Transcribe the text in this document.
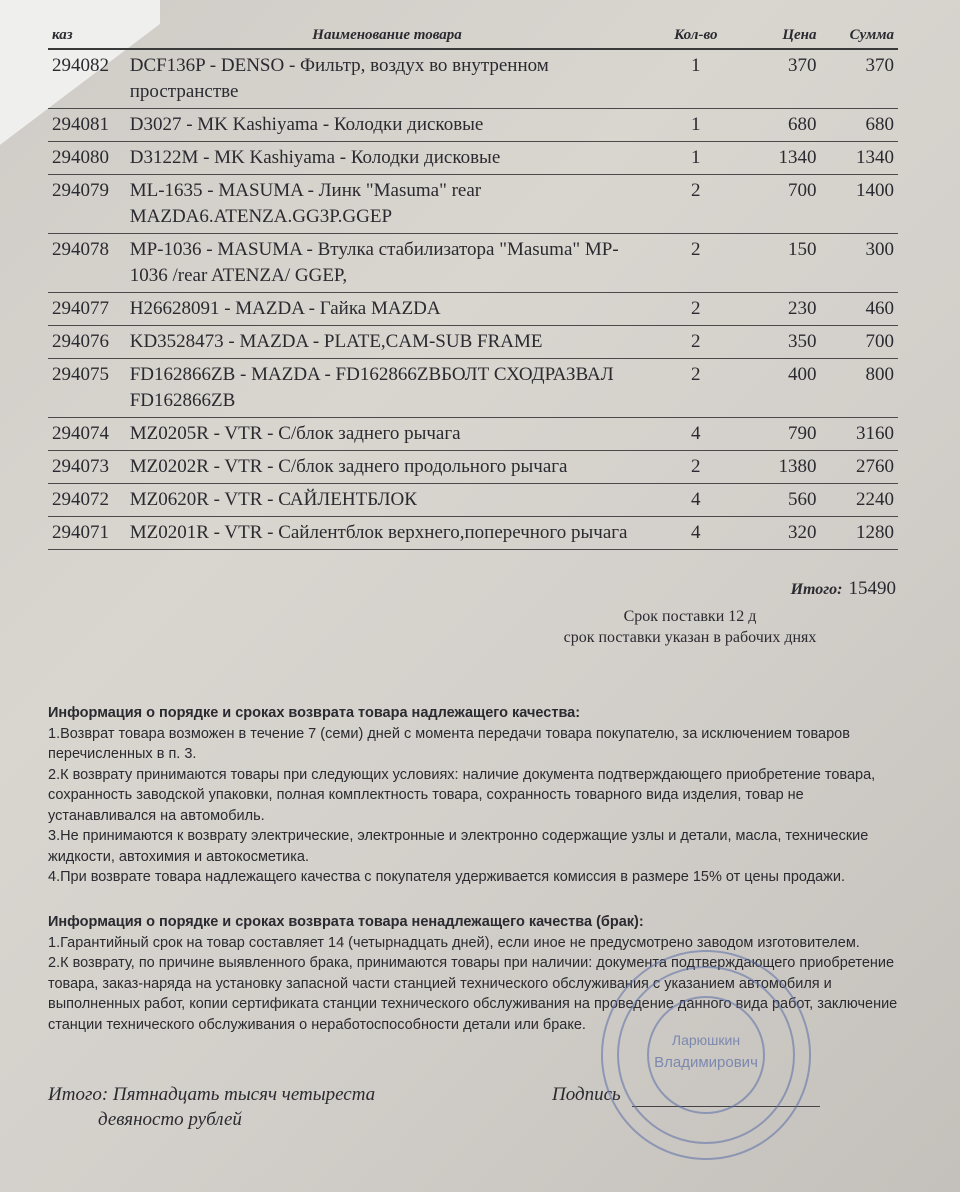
каз	Наименование товара	Кол-во	Цена	Сумма
294082	DCF136P - DENSO - Фильтр, воздух во внутренном пространстве	1	370	370
294081	D3027 - MK Kashiyama - Колодки дисковые	1	680	680
294080	D3122M - MK Kashiyama - Колодки дисковые	1	1340	1340
294079	ML-1635 - MASUMA - Линк "Masuma" rear MAZDA6.ATENZA.GG3P.GGEP	2	700	1400
294078	MP-1036 - MASUMA - Втулка стабилизатора "Masuma" MP-1036 /rear ATENZA/ GGEP,	2	150	300
294077	H26628091 - MAZDA - Гайка MAZDA	2	230	460
294076	KD3528473 - MAZDA - PLATE,CAM-SUB FRAME	2	350	700
294075	FD162866ZB - MAZDA - FD162866ZBБОЛТ СХОДРАЗВАЛ FD162866ZB	2	400	800
294074	MZ0205R - VTR - С/блок заднего рычага	4	790	3160
294073	MZ0202R - VTR - С/блок заднего продольного рычага	2	1380	2760
294072	MZ0620R - VTR - САЙЛЕНТБЛОК	4	560	2240
294071	MZ0201R - VTR - Сайлентблок верхнего,поперечного рычага	4	320	1280
Итого: 15490
Срок поставки 12 д
срок поставки указан в рабочих днях
Информация о порядке и сроках возврата товара надлежащего качества:
1.Возврат товара возможен в течение 7 (семи) дней с момента передачи товара покупателю, за исключением товаров перечисленных в п. 3.
2.К возврату принимаются товары при следующих условиях: наличие документа подтверждающего приобретение товара, сохранность заводской упаковки, полная комплектность товара, сохранность товарного вида изделия, товар не устанавливался на автомобиль.
3.Не принимаются к возврату электрические, электронные и электронно содержащие узлы и детали, масла, технические жидкости, автохимия и автокосметика.
4.При возврате товара надлежащего качества с покупателя удерживается комиссия в размере 15% от цены продажи.
Информация о порядке и сроках возврата товара ненадлежащего качества (брак):
1.Гарантийный срок на товар составляет 14 (четырнадцать дней), если иное не предусмотрено заводом изготовителем.
2.К возврату, по причине выявленного брака, принимаются товары при наличии: документа подтверждающего приобретение товара, заказ-наряда на установку запасной части станцией технического обслуживания с указанием автомобиля и выполненных работ, копии сертификата станции технического обслуживания на проведение данного вида работ, заключение станции технического обслуживания о неработоспособности детали или браке.
Итого: Пятнадцать тысяч четыреста
девяносто рублей
Подпись
Ларюшкин
Владимирович
